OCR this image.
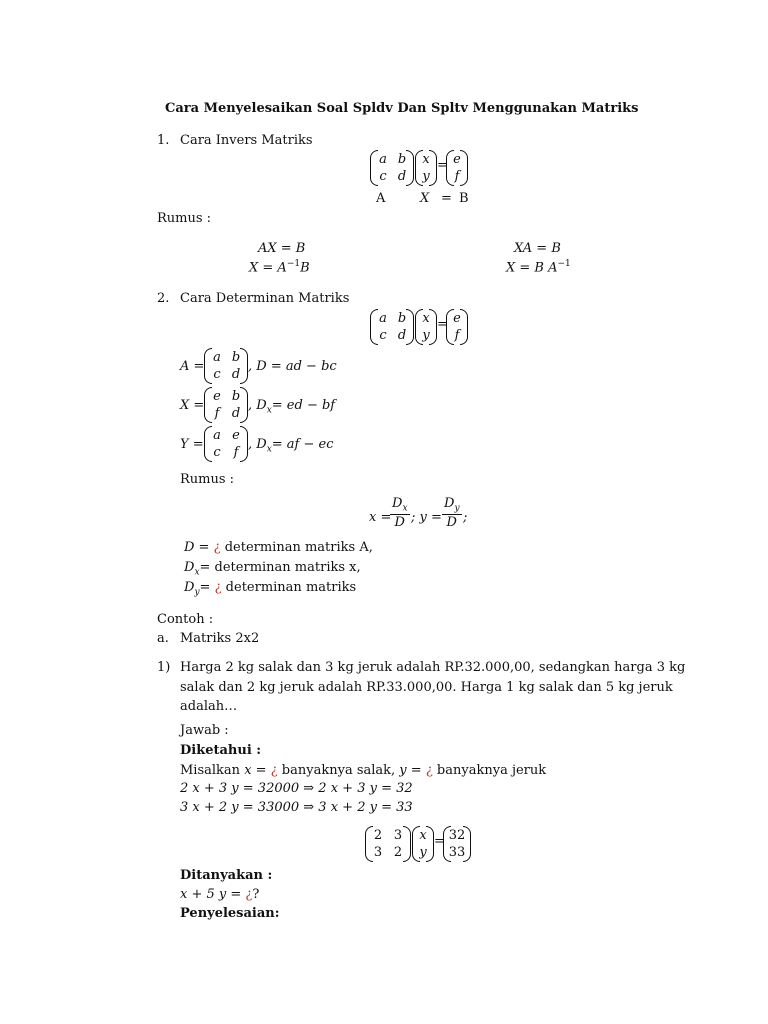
Cara Menyelesaikan Soal Spldv Dan Spltv Menggunakan Matriks
1. Cara Invers Matriks
a b
c d
x
y
= e
f
A	X = B
Rumus :
AX = B
$X = A^{-1}B$
XA = B
X = B $A^{-1}$
2. Cara Determinan Matriks
a b
c d
x
y
= e
f
A =
a b
c d
, D = ad − bc
X =
e b
f d
, $D_x=$ ed − bf
Y =
a e
c f
, $D_x=$ af − ec
Rumus :
x =
$\frac{D_x}{D}$ ; $y = \frac{D_y}{D}$ ;
D = ¿ determinan matriks A,
$D_x=$ determinan matriks x,
$D_y=$ ¿ determinan matriks
Contoh :
a. Matriks 2x2
1) Harga 2 kg salak dan 3 kg jeruk adalah RP.32.000,00, sedangkan harga 3 kg
salak dan 2 kg jeruk adalah RP.33.000,00. Harga 1 kg salak dan 5 kg jeruk
adalah…
Jawab :
Diketahui :
Misalkan x = ¿ banyaknya salak, y = ¿ banyaknya jeruk
2 x + 3 y = 32000 ⇒ 2 x + 3 y = 32
3 x + 2 y = 33000 ⇒ 3 x + 2 y = 33
2 3
3 2
x
y
= 32
33
Ditanyakan :
x + 5 y = ¿?
Penyelesaian:
